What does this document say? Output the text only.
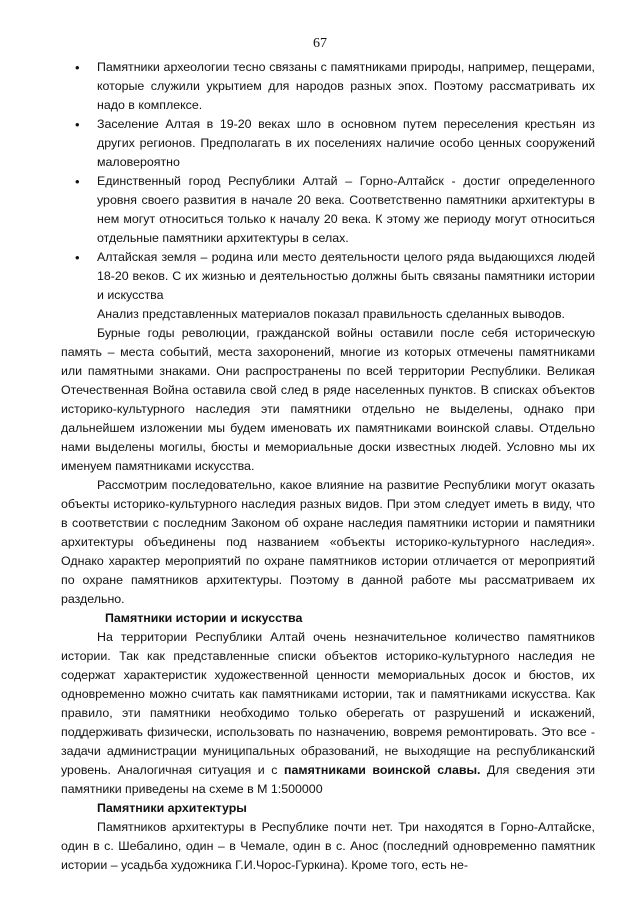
67
• Памятники археологии тесно связаны с памятниками природы, например, пещерами, которые служили укрытием для народов разных эпох. Поэтому рассматривать их надо в комплексе.
• Заселение Алтая в 19-20 веках шло в основном путем переселения крестьян из других регионов. Предполагать в их поселениях наличие особо ценных сооружений маловероятно
• Единственный город Республики Алтай – Горно-Алтайск - достиг определенного уровня своего развития в начале 20 века. Соответственно памятники архитектуры в нем могут относиться только к началу 20 века. К этому же периоду могут относиться отдельные памятники архитектуры в селах.
• Алтайская земля – родина или место деятельности целого ряда выдающихся людей 18-20 веков. С их жизнью и деятельностью должны быть связаны памятники истории и искусства

Анализ представленных материалов показал правильность сделанных выводов.

Бурные годы революции, гражданской войны оставили после себя историческую память – места событий, места захоронений, многие из которых отмечены памятниками или памятными знаками. Они распространены по всей территории Республики. Великая Отечественная Война оставила свой след в ряде населенных пунктов. В списках объектов историко-культурного наследия эти памятники отдельно не выделены, однако при дальнейшем изложении мы будем именовать их памятниками воинской славы. Отдельно нами выделены могилы, бюсты и мемориальные доски известных людей. Условно мы их именуем памятниками искусства.

Рассмотрим последовательно, какое влияние на развитие Республики могут оказать объекты историко-культурного наследия разных видов. При этом следует иметь в виду, что в соответствии с последним Законом об охране наследия памятники истории и памятники архитектуры объединены под названием «объекты историко-культурного наследия». Однако характер мероприятий по охране памятников истории отличается от мероприятий по охране памятников архитектуры. Поэтому в данной работе мы рассматриваем их раздельно.

Памятники истории и искусства

На территории Республики Алтай очень незначительное количество памятников истории. Так как представленные списки объектов историко-культурного наследия не содержат характеристик художественной ценности мемориальных досок и бюстов, их одновременно можно считать как памятниками истории, так и памятниками искусства. Как правило, эти памятники необходимо только оберегать от разрушений и искажений, поддерживать физически, использовать по назначению, вовремя ремонтировать. Это все - задачи администрации муниципальных образований, не выходящие на республиканский уровень. Аналогичная ситуация и с памятниками воинской славы. Для сведения эти памятники приведены на схеме в М 1:500000

Памятники архитектуры

Памятников архитектуры в Республике почти нет. Три находятся в Горно-Алтайске, один в с. Шебалино, один – в Чемале, один в с. Анос (последний одновременно памятник истории – усадьба художника Г.И.Чорос-Гуркина). Кроме того, есть не-
